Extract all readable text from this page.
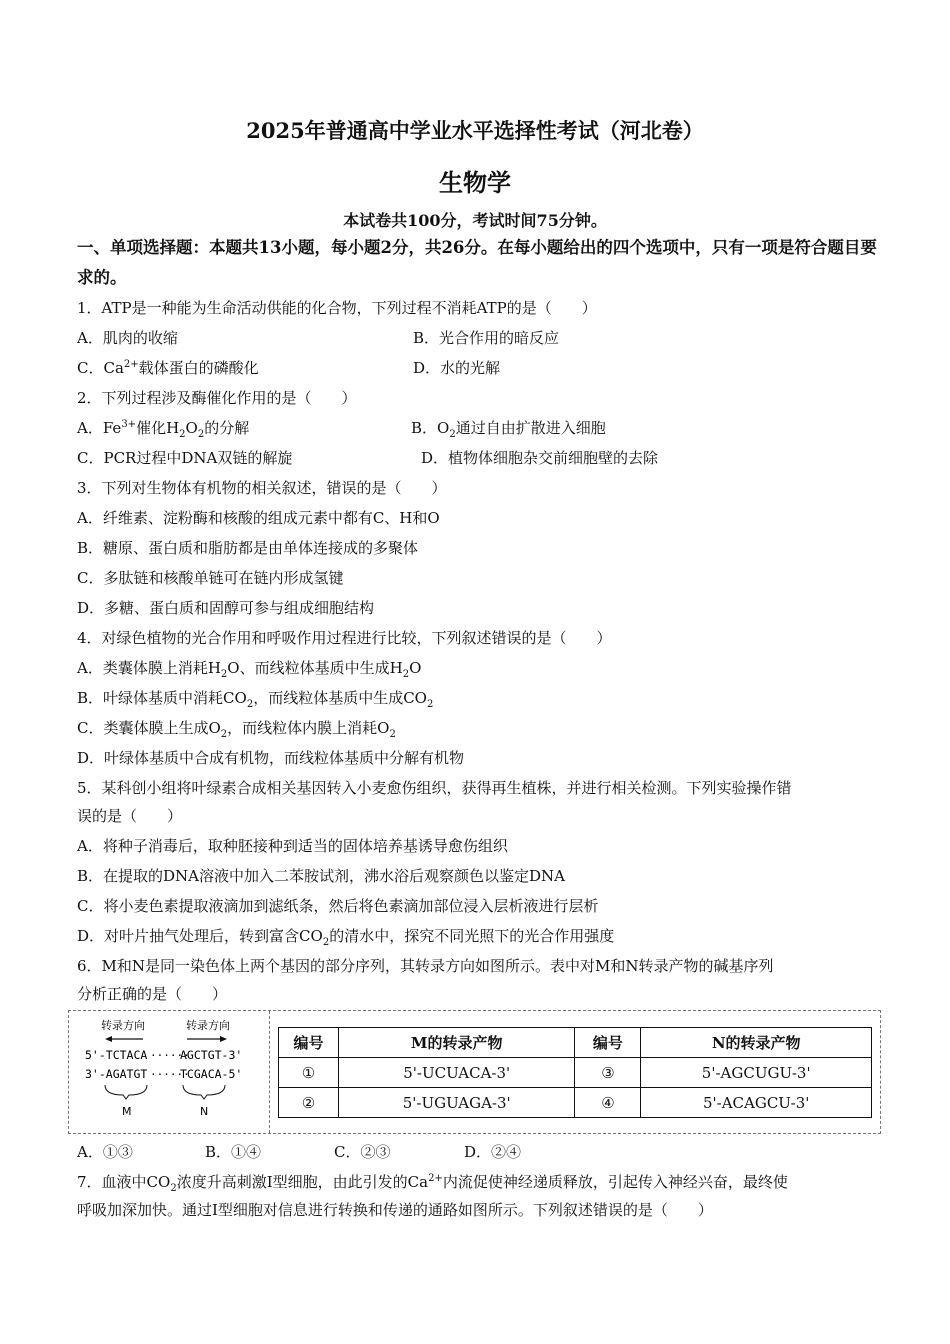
2025年普通高中学业水平选择性考试（河北卷）
生物学
本试卷共100分，考试时间75分钟。
一、单项选择题：本题共13小题，每小题2分，共26分。在每小题给出的四个选项中，只有一项是符合题目要求的。
1．ATP是一种能为生命活动供能的化合物，下列过程不消耗ATP的是（　　）
A．肌肉的收缩	B．光合作用的暗反应
C．$Ca^{2+}$载体蛋白的磷酸化	D．水的光解
2．下列过程涉及酶催化作用的是（　　）
A．$Fe^{3+}$催化$H_2O_2$的分解	B．$O_2$通过自由扩散进入细胞
C．PCR过程中DNA双链的解旋	D．植物体细胞杂交前细胞壁的去除
3．下列对生物体有机物的相关叙述，错误的是（　　）
A．纤维素、淀粉酶和核酸的组成元素中都有C、H和O
B．糖原、蛋白质和脂肪都是由单体连接成的多聚体
C．多肽链和核酸单链可在链内形成氢键
D．多糖、蛋白质和固醇可参与组成细胞结构
4．对绿色植物的光合作用和呼吸作用过程进行比较，下列叙述错误的是（　　）
A．类囊体膜上消耗$H_2O$、而线粒体基质中生成$H_2O$
B．叶绿体基质中消耗$CO_2$，而线粒体基质中生成$CO_2$
C．类囊体膜上生成$O_2$，而线粒体内膜上消耗$O_2$
D．叶绿体基质中合成有机物，而线粒体基质中分解有机物
5．某科创小组将叶绿素合成相关基因转入小麦愈伤组织，获得再生植株，并进行相关检测。下列实验操作错
误的是（　　）
A．将种子消毒后，取种胚接种到适当的固体培养基诱导愈伤组织
B．在提取的DNA溶液中加入二苯胺试剂，沸水浴后观察颜色以鉴定DNA
C．将小麦色素提取液滴加到滤纸条，然后将色素滴加部位浸入层析液进行层析
D．对叶片抽气处理后，转到富含$CO_2$的清水中，探究不同光照下的光合作用强度
6．M和N是同一染色体上两个基因的部分序列，其转录方向如图所示。表中对M和N转录产物的碱基序列
分析正确的是（　　）
转录方向	转录方向
5'-TCTACA ······
AGCTGT-3'
3'-AGATGT ······
TCGACA-5'
M	N
编号	M的转录产物	编号	N的转录产物
①	5'-UCUACA-3'	③	5'-AGCUGU-3'
②	5'-UGUAGA-3'	④	5'-ACAGCU-3'
A．①③	B．①④	C．②③	D．②④
7．血液中$CO_2$浓度升高刺激Ⅰ型细胞，由此引发的$Ca^{2+}$内流促使神经递质释放，引起传入神经兴奋，最终使
呼吸加深加快。通过Ⅰ型细胞对信息进行转换和传递的通路如图所示。下列叙述错误的是（　　）
